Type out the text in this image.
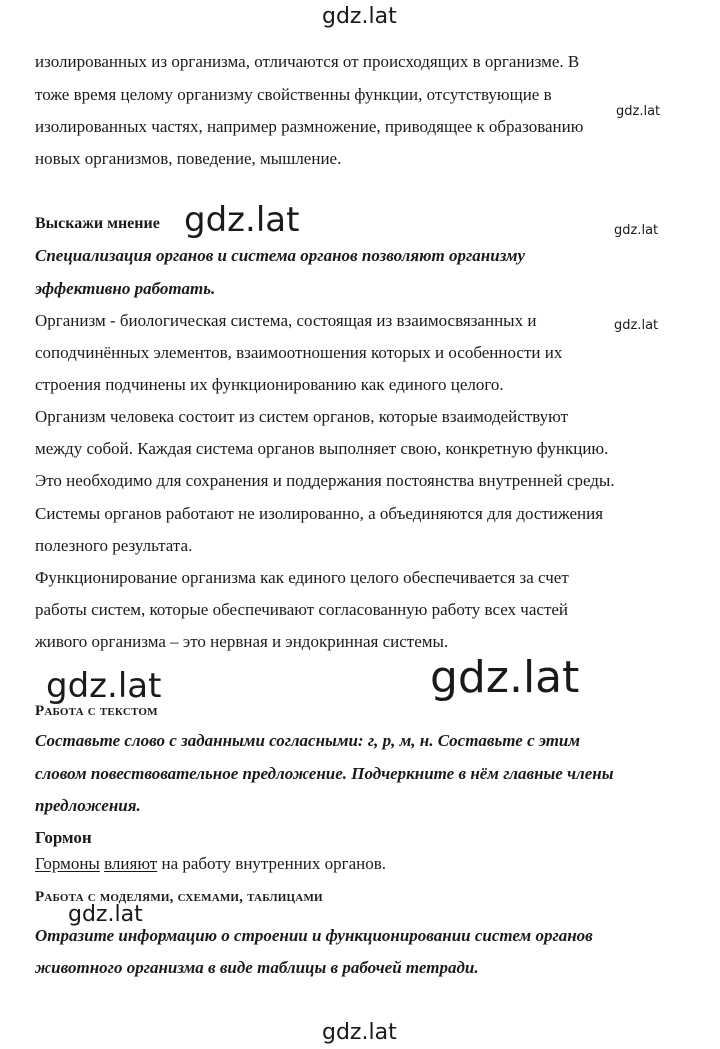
gdz.lat
изолированных из организма, отличаются от происходящих в организме. В
тоже время целому организму свойственны функции, отсутствующие в
изолированных частях, например размножение, приводящее к образованию
новых организмов, поведение, мышление.
gdz.lat
Выскажи мнение gdz.lat	gdz.lat
Специализация органов и система органов позволяют организму
эффективно работать.
Организм - биологическая система, состоящая из взаимосвязанных и	gdz.lat
соподчинённых элементов, взаимоотношения которых и особенности их
строения подчинены их функционированию как единого целого.
Организм человека состоит из систем органов, которые взаимодействуют
между собой. Каждая система органов выполняет свою, конкретную функцию.
Это необходимо для сохранения и поддержания постоянства внутренней среды.
Системы органов работают не изолированно, а объединяются для достижения
полезного результата.
Функционирование организма как единого целого обеспечивается за счет
работы систем, которые обеспечивают согласованную работу всех частей
живого организма – это нервная и эндокринная системы.
gdz.lat	gdz.lat
Работа с текстом
Составьте слово с заданными согласными: г, р, м, н. Составьте с этим
словом повествовательное предложение. Подчеркните в нём главные члены
предложения.
Гормон
Гормоны влияют на работу внутренних органов.
Работа с моделями, схемами, таблицами
gdz.lat
Отразите информацию о строении и функционировании систем органов
животного организма в виде таблицы в рабочей тетради.
gdz.lat
